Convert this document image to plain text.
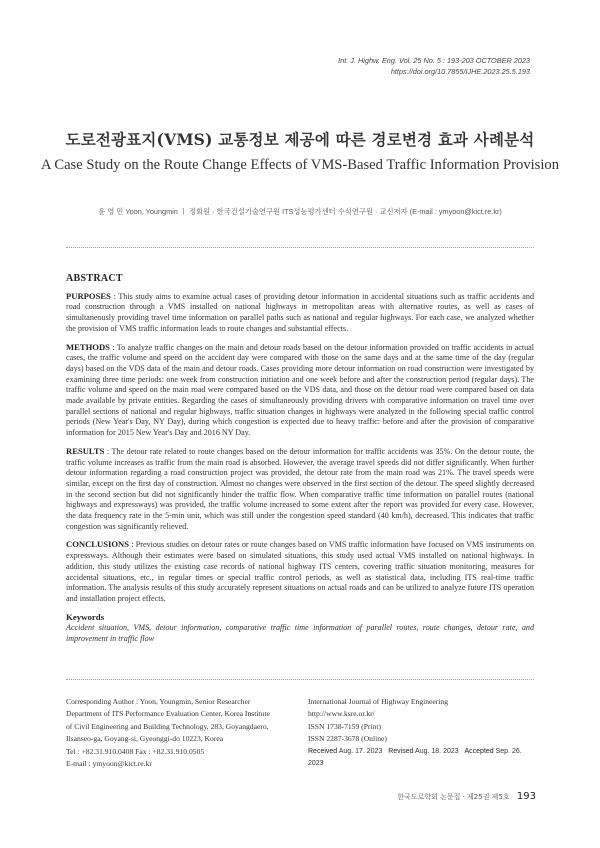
Int. J. Highw. Eng. Vol. 25 No. 5 : 193-203 OCTOBER 2023
https://doi.org/10.7855/IJHE.2023.25.5.193
도로전광표지(VMS) 교통정보 제공에 따른 경로변경 효과 사례분석
A Case Study on the Route Change Effects of VMS-Based Traffic Information Provision
윤 영 민 Yoon, Youngmin ㅣ 정회원 · 한국건설기술연구원 ITS성능평가센터 수석연구원 · 교신저자 (E-mail : ymyoon@kict.re.kr)
ABSTRACT

PURPOSES : This study aims to examine actual cases of providing detour information in accidental situations such as traffic accidents and road construction through a VMS installed on national highways in metropolitan areas with alternative routes, as well as cases of simultaneously providing travel time information on parallel paths such as national and regular highways. For each case, we analyzed whether the provision of VMS traffic information leads to route changes and substantial effects.

METHODS : To analyze traffic changes on the main and detour roads based on the detour information provided on traffic accidents in actual cases, the traffic volume and speed on the accident day were compared with those on the same days and at the same time of the day (regular days) based on the VDS data of the main and detour roads. Cases providing more detour information on road construction were investigated by examining three time periods: one week from construction initiation and one week before and after the construction period (regular days). The traffic volume and speed on the main road were compared based on the VDS data, and those on the detour road were compared based on data made available by private entities. Regarding the cases of simultaneously providing drivers with comparative information on travel time over parallel sections of national and regular highways, traffic situation changes in highways were analyzed in the following special traffic control periods (New Year's Day, NY Day), during which congestion is expected due to heavy traffic: before and after the provision of comparative information for 2015 New Year's Day and 2016 NY Day.

RESULTS : The detour rate related to route changes based on the detour information for traffic accidents was 35%. On the detour route, the traffic volume increases as traffic from the main road is absorbed. However, the average travel speeds did not differ significantly. When further detour information regarding a road construction project was provided, the detour rate from the main road was 21%. The travel speeds were similar, except on the first day of construction. Almost no changes were observed in the first section of the detour. The speed slightly decreased in the second section but did not significantly hinder the traffic flow. When comparative traffic time information on parallel routes (national highways and expressways) was provided, the traffic volume increased to some extent after the report was provided for every case. However, the data frequency rate in the 5-min unit, which was still under the congestion speed standard (40 km/h), decreased. This indicates that traffic congestion was significantly relieved.

CONCLUSIONS : Previous studies on detour rates or route changes based on VMS traffic information have focused on VMS instruments on expressways. Although their estimates were based on simulated situations, this study used actual VMS installed on national highways. In addition, this study utilizes the existing case records of national highway ITS centers, covering traffic situation monitoring, measures for accidental situations, etc., in regular times or special traffic control periods, as well as statistical data, including ITS real-time traffic information. The analysis results of this study accurately represent situations on actual roads and can be utilized to analyze future ITS operation and installation project effects.

Keywords

Accident situation, VMS, detour information, comparative traffic time information of parallel routes, route changes, detour rate, and improvement in traffic flow

Corresponding Author : Yoon, Youngmin, Senior Researcher
Department of ITS Performance Evaluation Center, Korea Institute
of Civil Engineering and Building Technology, 283, Goyangdaero,
Ilsanseo-ga, Goyang-si, Gyeonggi-do 10223, Korea
Tel : +82.31.910.0408 Fax : +82.31.910.0505
E-mail : ymyoon@kict.re.kr
International Journal of Highway Engineering
http://www.ksre.or.kr/
ISSN 1738-7159 (Print)
ISSN 2287-3678 (Online)
Received Aug. 17. 2023 Revised Aug. 18. 2023 Accepted Sep. 26. 2023
한국도로학회 논문집 · 제25권 제5호 193
